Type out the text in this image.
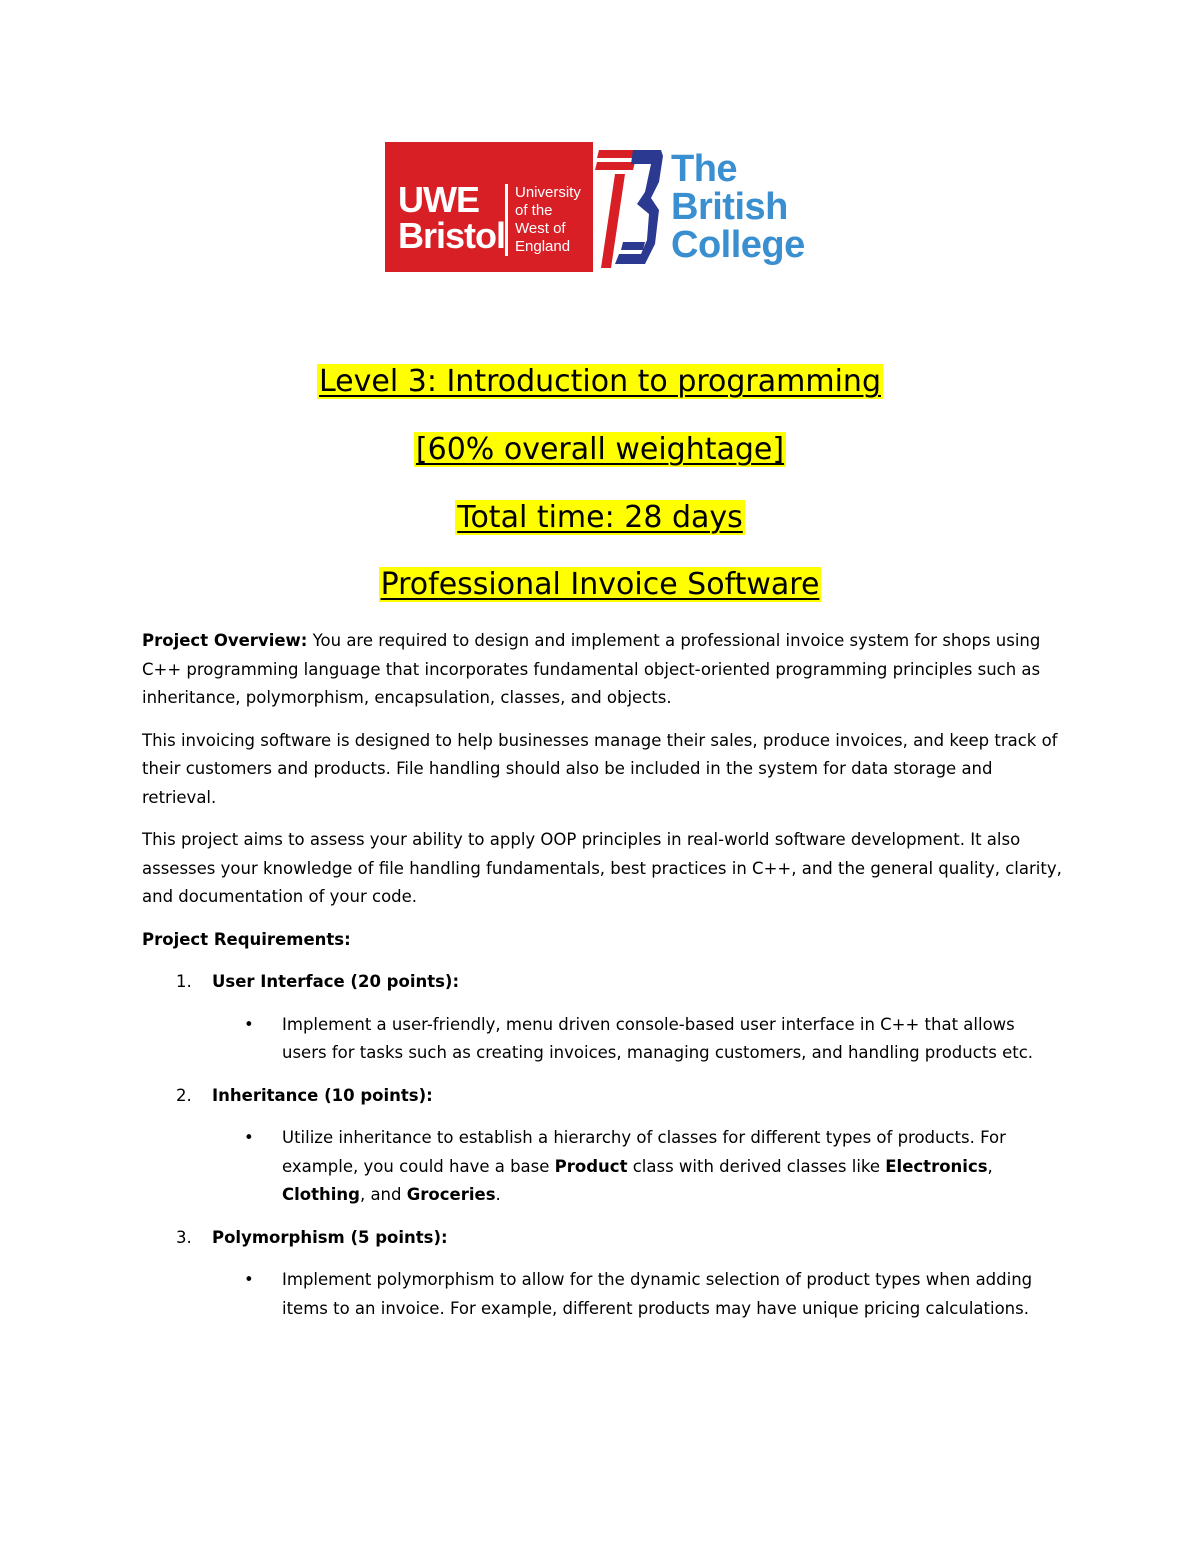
UWE
Bristol
University
of the
West of
England
The
British
College
Level 3: Introduction to programming
[60% overall weightage]
Total time: 28 days
Professional Invoice Software

Project Overview: You are required to design and implement a professional invoice system for shops using C++ programming language that incorporates fundamental object-oriented programming principles such as inheritance, polymorphism, encapsulation, classes, and objects.

This invoicing software is designed to help businesses manage their sales, produce invoices, and keep track of their customers and products. File handling should also be included in the system for data storage and retrieval.

This project aims to assess your ability to apply OOP principles in real-world software development. It also assesses your knowledge of file handling fundamentals, best practices in C++, and the general quality, clarity, and documentation of your code.

Project Requirements:

1. User Interface (20 points):
• Implement a user-friendly, menu driven console-based user interface in C++ that allows users for tasks such as creating invoices, managing customers, and handling products etc.
2. Inheritance (10 points):
• Utilize inheritance to establish a hierarchy of classes for different types of products. For example, you could have a base Product class with derived classes like Electronics, Clothing, and Groceries.
3. Polymorphism (5 points):
• Implement polymorphism to allow for the dynamic selection of product types when adding items to an invoice. For example, different products may have unique pricing calculations.
